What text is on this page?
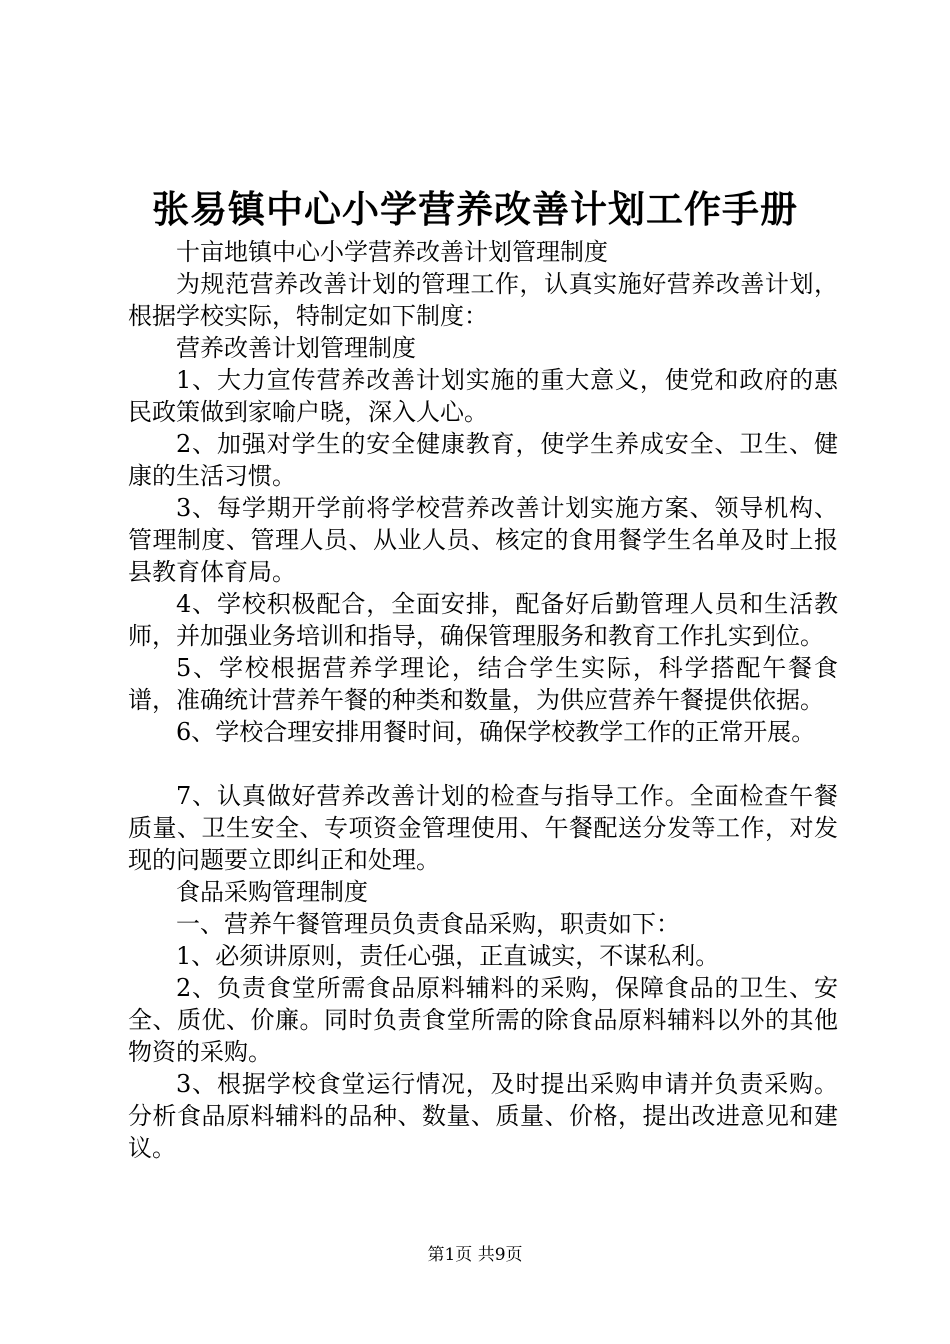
张易镇中心小学营养改善计划工作手册

十亩地镇中心小学营养改善计划管理制度

为规范营养改善计划的管理工作，认真实施好营养改善计划，根据学校实际，特制定如下制度：

营养改善计划管理制度

1、大力宣传营养改善计划实施的重大意义，使党和政府的惠民政策做到家喻户晓，深入人心。

2、加强对学生的安全健康教育，使学生养成安全、卫生、健康的生活习惯。

3、每学期开学前将学校营养改善计划实施方案、领导机构、管理制度、管理人员、从业人员、核定的食用餐学生名单及时上报县教育体育局。

4、学校积极配合，全面安排，配备好后勤管理人员和生活教师，并加强业务培训和指导，确保管理服务和教育工作扎实到位。

5、学校根据营养学理论，结合学生实际，科学搭配午餐食谱，准确统计营养午餐的种类和数量，为供应营养午餐提供依据。

6、学校合理安排用餐时间，确保学校教学工作的正常开展。

7、认真做好营养改善计划的检查与指导工作。全面检查午餐质量、卫生安全、专项资金管理使用、午餐配送分发等工作，对发现的问题要立即纠正和处理。

食品采购管理制度

一、营养午餐管理员负责食品采购，职责如下：

1、必须讲原则，责任心强，正直诚实，不谋私利。

2、负责食堂所需食品原料辅料的采购，保障食品的卫生、安全、质优、价廉。同时负责食堂所需的除食品原料辅料以外的其他物资的采购。

3、根据学校食堂运行情况，及时提出采购申请并负责采购。分析食品原料辅料的品种、数量、质量、价格，提出改进意见和建议。

第1页 共9页
